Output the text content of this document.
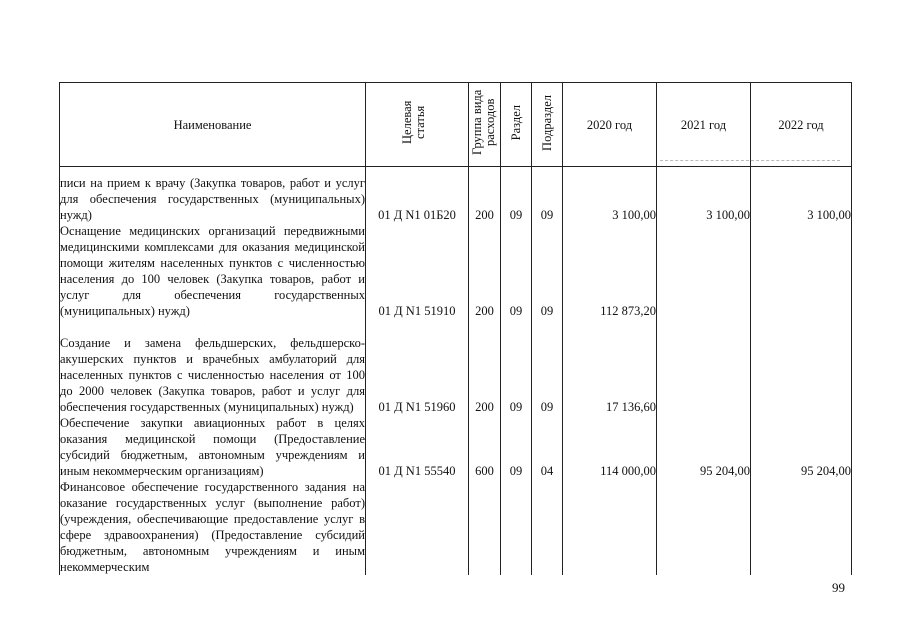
Наименование	Целевая статья	Группа вида расходов	Раздел	Подраздел	2020 год	2021 год	2022 год
писи на прием к врачу (Закупка товаров, работ и услуг для обеспечения государственных (муниципальных) нужд)	01 Д N1 01Б20	200	09	09	3 100,00	3 100,00	3 100,00
Оснащение медицинских организаций передвижными медицинскими комплексами для оказания медицинской помощи жителям населенных пунктов с численностью населения до 100 человек (Закупка товаров, работ и услуг для обеспечения государственных (муниципальных) нужд)	01 Д N1 51910	200	09	09	112 873,20		
Создание и замена фельдшерских, фельдшерско-акушерских пунктов и врачебных амбулаторий для населенных пунктов с численностью населения от 100 до 2000 человек (Закупка товаров, работ и услуг для обеспечения государственных (муниципальных) нужд)	01 Д N1 51960	200	09	09	17 136,60		
Обеспечение закупки авиационных работ в целях оказания медицинской помощи (Предоставление субсидий бюджетным, автономным учреждениям и иным некоммерческим организациям)	01 Д N1 55540	600	09	04	114 000,00	95 204,00	95 204,00
Финансовое обеспечение государственного задания на оказание государственных услуг (выполнение работ) (учреждения, обеспечивающие предоставление услуг в сфере здравоохранения) (Предоставление субсидий бюджетным, автономным учреждениям и иным некоммерческим							
99
